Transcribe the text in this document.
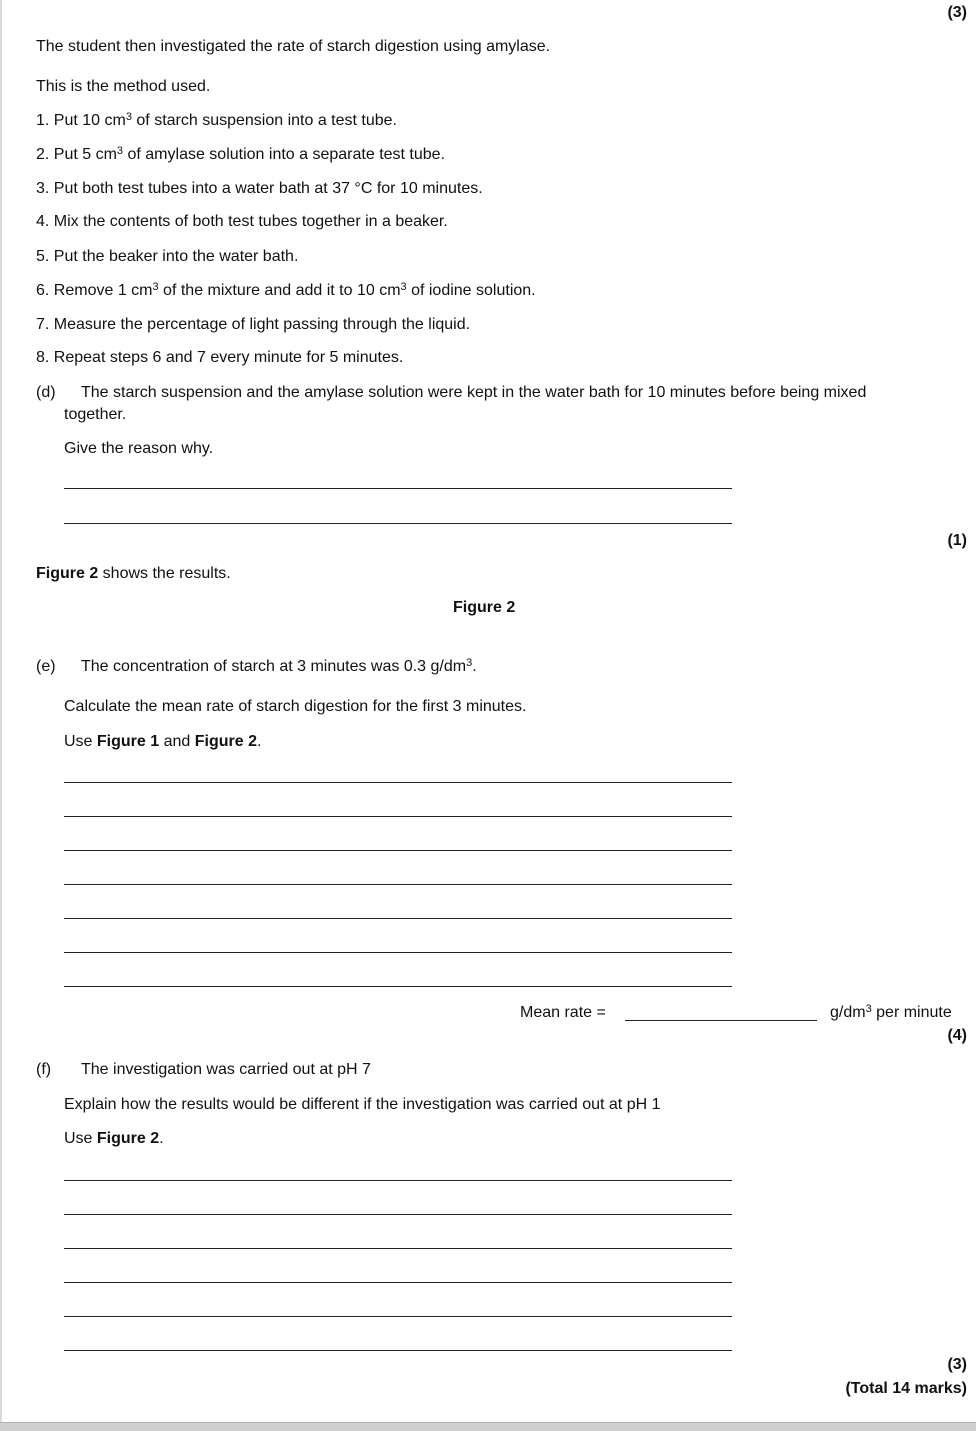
(3)
The student then investigated the rate of starch digestion using amylase.
This is the method used.
1. Put 10 $cm^3$ of starch suspension into a test tube.
2. Put 5 $cm^3$ of amylase solution into a separate test tube.
3. Put both test tubes into a water bath at 37 °C for 10 minutes.
4. Mix the contents of both test tubes together in a beaker.
5. Put the beaker into the water bath.
6. Remove 1 $cm^3$ of the mixture and add it to 10 $cm^3$ of iodine solution.
7. Measure the percentage of light passing through the liquid.
8. Repeat steps 6 and 7 every minute for 5 minutes.
(d) The starch suspension and the amylase solution were kept in the water bath for 10 minutes before being mixed
together.
Give the reason why.
(1)
Figure 2 shows the results.
Figure 2
(e) The concentration of starch at 3 minutes was 0.3 $g/dm^3$.
Calculate the mean rate of starch digestion for the first 3 minutes.
Use Figure 1 and Figure 2.
Mean rate =	$g/dm^3$ per minute
(4)
(f) The investigation was carried out at pH 7
Explain how the results would be different if the investigation was carried out at pH 1
Use Figure 2.
(3)
(Total 14 marks)
